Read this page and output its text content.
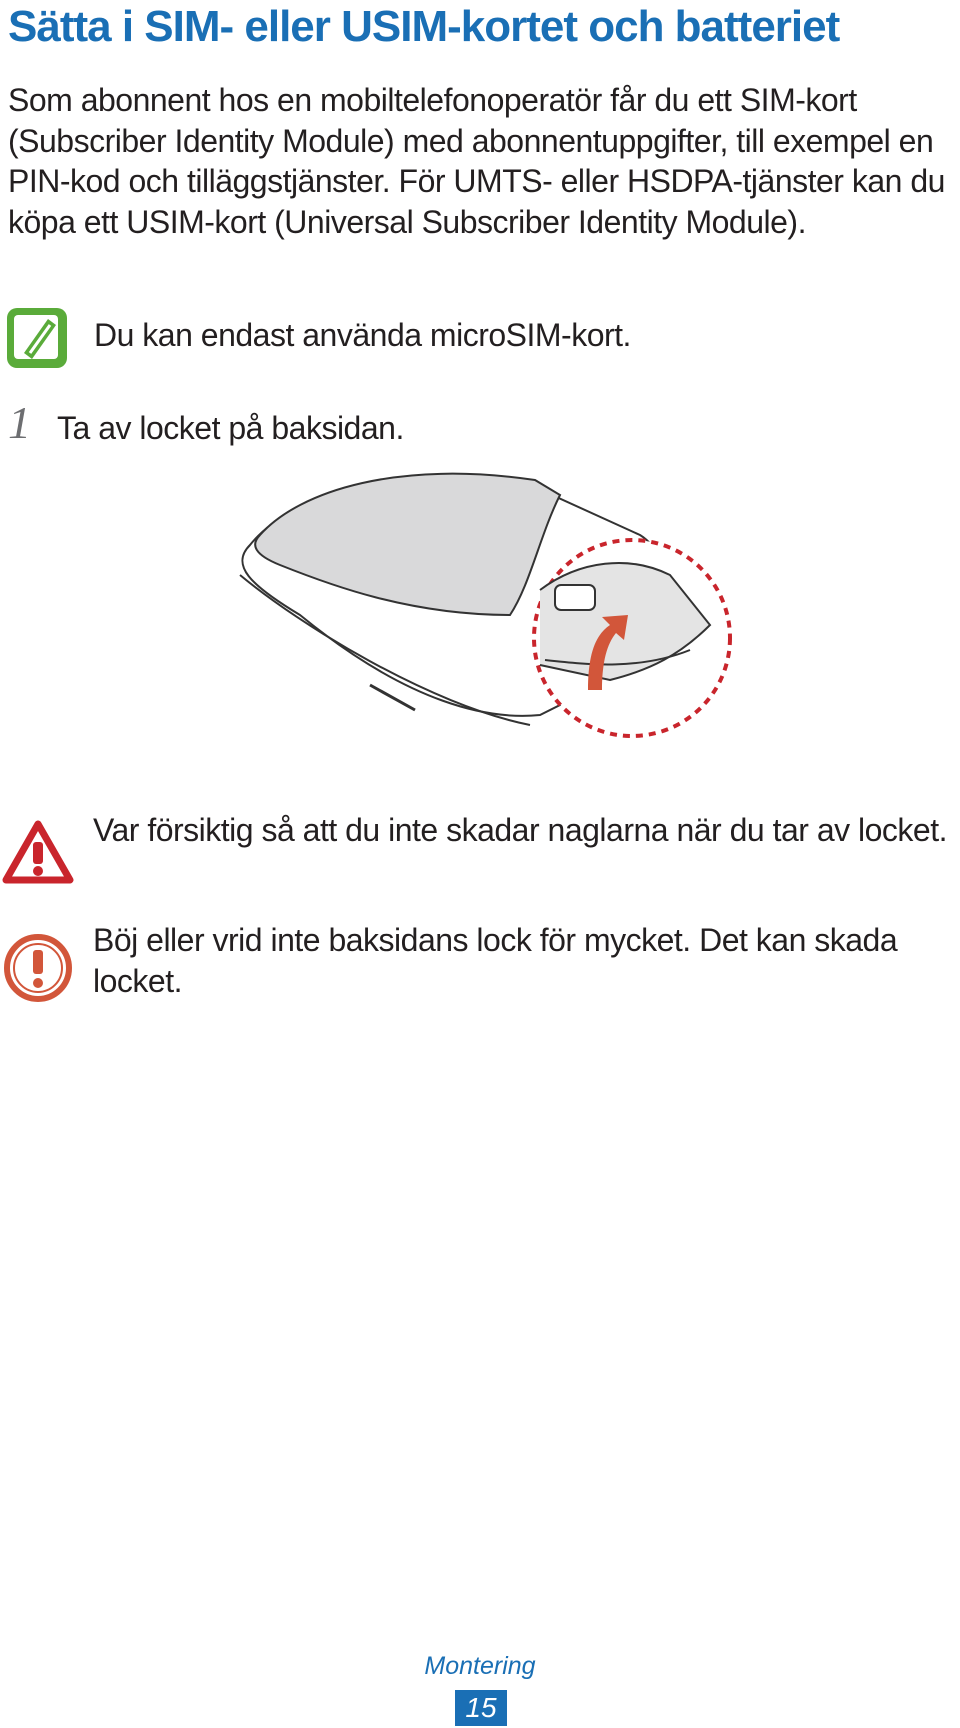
Sätta i SIM- eller USIM-kortet och batteriet
Som abonnent hos en mobiltelefonoperatör får du ett SIM-kort (Subscriber Identity Module) med abonnentuppgifter, till exempel en PIN-kod och tilläggstjänster. För UMTS- eller HSDPA-tjänster kan du köpa ett USIM-kort (Universal Subscriber Identity Module).
Du kan endast använda microSIM-kort.
1 Ta av locket på baksidan.
Var försiktig så att du inte skadar naglarna när du tar av locket.
Böj eller vrid inte baksidans lock för mycket. Det kan skada locket.
Montering
15
